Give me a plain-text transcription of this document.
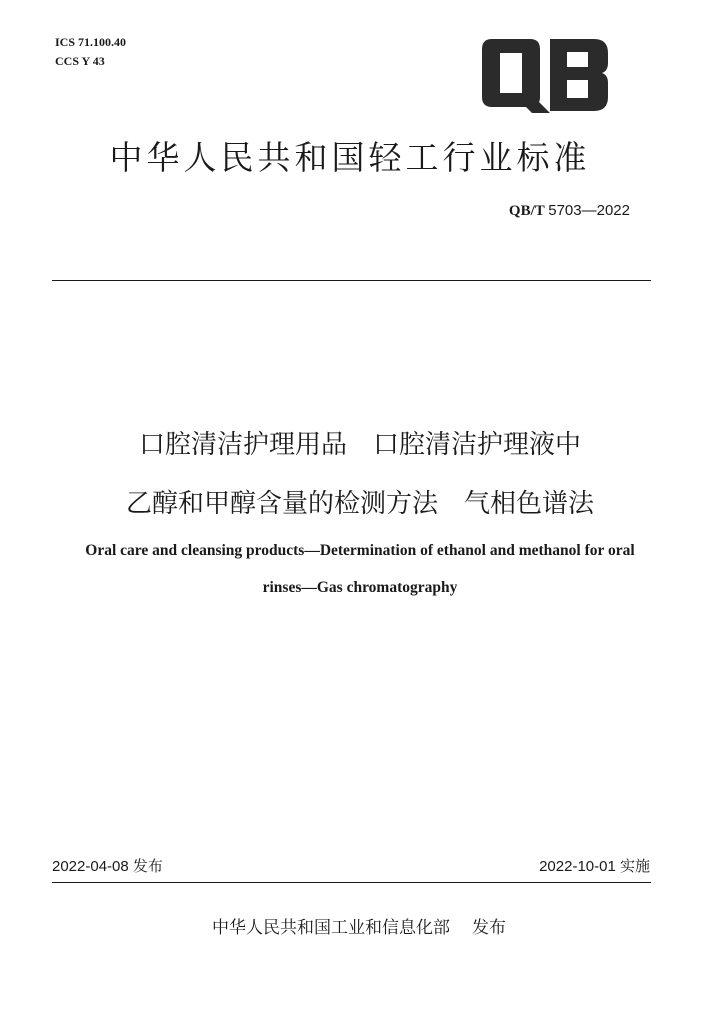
ICS 71.100.40
CCS Y 43
中华人民共和国轻工行业标准
QB/T 5703—2022
口腔清洁护理用品　口腔清洁护理液中
乙醇和甲醇含量的检测方法　气相色谱法
Oral care and cleansing products—Determination of ethanol and methanol for oral
rinses—Gas chromatography
2022-04-08 发布	2022-10-01 实施
中华人民共和国工业和信息化部 发布
